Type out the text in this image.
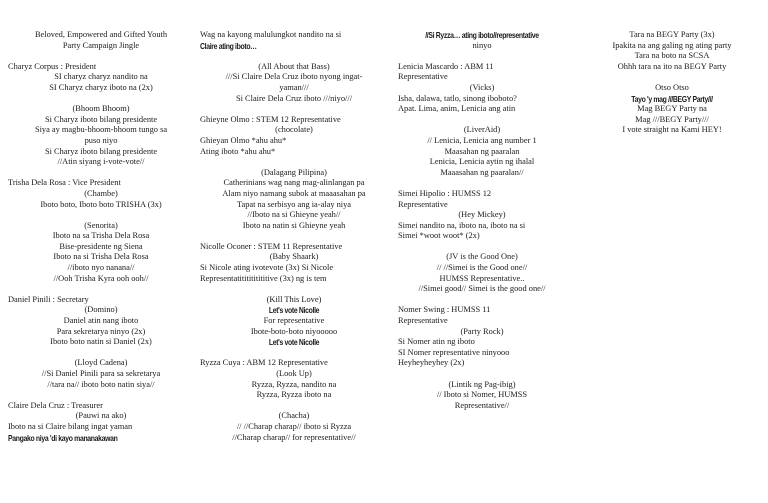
Beloved, Empowered and Gifted Youth
Party Campaign Jingle
Charyz Corpus : President
SI charyz charyz nandito na
SI Charyz charyz iboto na (2x)
(Bhoom Bhoom)
Si Charyz iboto bilang presidente
Siya ay magbu-bhoom-bhoom tungo sa
puso niyo
Si Charyz iboto bilang presidente
//Atin siyang i-vote-vote//
Trisha Dela Rosa : Vice President
(Chambe)
Iboto boto, Iboto boto TRISHA (3x)
(Senorita)
Iboto na sa Trisha Dela Rosa
Bise-presidente ng Siena
Iboto na si Trisha Dela Rosa
//iboto nyo nanana//
//Ooh Trisha Kyra ooh ooh//
Daniel Pinili : Secretary
(Domino)
Daniel atin nang iboto
Para sekretarya ninyo (2x)
Iboto boto natin si Daniel (2x)
(Lloyd Cadena)
//Si Daniel Pinili para sa sekretarya
//tara na// iboto boto natin siya//
Claire Dela Cruz : Treasurer
(Pauwi na ako)
Iboto na si Claire bilang ingat yaman
Pangako niya 'di kayo mananakawan
Wag na kayong malulungkot nandito na si
Claire ating iboto…
(All About that Bass)
///Si Claire Dela Cruz iboto nyong ingat-
yaman///
Si Claire Dela Cruz iboto ///niyo///
Ghieyne Olmo : STEM 12 Representative
(chocolate)
Ghieyan Olmo *ahu ahu*
Ating iboto *ahu ahu*
(Dalagang Pilipina)
Catherinians wag nang mag-alinlangan pa
Alam niyo namang subok at maaasahan pa
Tapat na serbisyo ang ia-alay niya
//Iboto na si Ghieyne yeah//
Iboto na natin si Ghieyne yeah
Nicolle Oconer : STEM 11 Representative
(Baby Shaark)
Si Nicole ating ivotevote (3x) Si Nicole
Representatititititititive (3x) ng is tem
(Kill This Love)
Let's vote Nicolle
For representative
Ibote-boto-boto niyooooo
Let's vote Nicolle
Ryzza Cuya : ABM 12 Representative
(Look Up)
Ryzza, Ryzza, nandito na
Ryzza, Ryzza iboto na
(Chacha)
// //Charap charap// iboto si Ryzza
//Charap charap// for representative//
//Si Ryzza… ating iboto//representative
ninyo
Lenicia Mascardo : ABM 11
Representative
(Vicks)
Isha, dalawa, tatlo, sinong iboboto?
Apat. Lima, anim, Lenicia ang atin
(LiverAid)
// Lenicia, Lenicia ang number 1
Maasahan ng paaralan
Lenicia, Lenicia aytin ng ihalal
Maaasahan ng paaralan//
Simei Hipolio : HUMSS 12
Representative
(Hey Mickey)
Simei nandito na, iboto na, iboto na si
Simei *woot woot* (2x)
(JV is the Good One)
// //Simei is the Good one//
HUMSS Representative..
//Simei good// Simei is the good one//
Nomer Swing : HUMSS 11
Representative
(Party Rock)
Si Nomer atin ng iboto
SI Nomer representative ninyooo
Heyheyheyhey (2x)
(Lintik ng Pag-ibig)
// Iboto si Nomer, HUMSS
Representative//
Tara na BEGY Party (3x)
Ipakita na ang galing ng ating party
Tara na boto na SCSA
Ohhh tara na ito na BEGY Party
Otso Otso
Tayo 'y mag ///BEGY Party///
Mag BEGY Party na
Mag ///BEGY Party///
I vote straight na Kami HEY!
